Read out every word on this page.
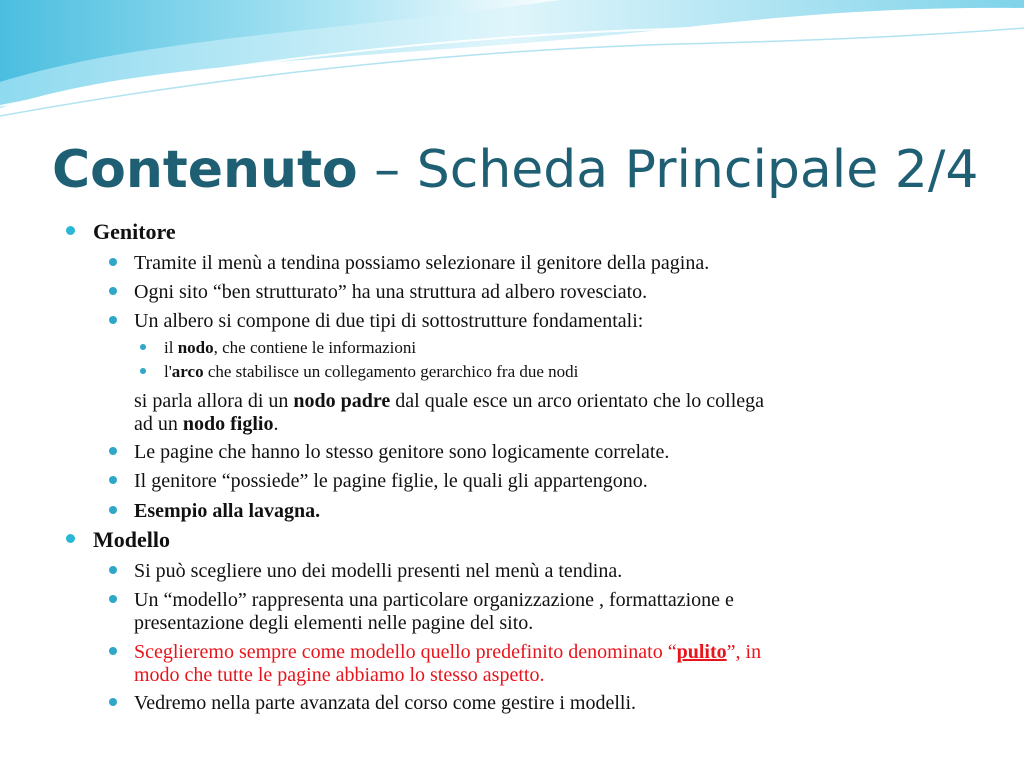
Contenuto – Scheda Principale 2/4
Genitore
Tramite il menù a tendina possiamo selezionare il genitore della pagina.
Ogni sito “ben strutturato” ha una struttura ad albero rovesciato.
Un albero si compone di due tipi di sottostrutture fondamentali:
il nodo, che contiene le informazioni
l'arco che stabilisce un collegamento gerarchico fra due nodi
si parla allora di un nodo padre dal quale esce un arco orientato che lo collega
ad un nodo figlio.
Le pagine che hanno lo stesso genitore sono logicamente correlate.
Il genitore “possiede” le pagine figlie, le quali gli appartengono.
Esempio alla lavagna.
Modello
Si può scegliere uno dei modelli presenti nel menù a tendina.
Un “modello” rappresenta una particolare organizzazione , formattazione e
presentazione degli elementi nelle pagine del sito.
Sceglieremo sempre come modello quello predefinito denominato “pulito”, in
modo che tutte le pagine abbiamo lo stesso aspetto.
Vedremo nella parte avanzata del corso come gestire i modelli.
